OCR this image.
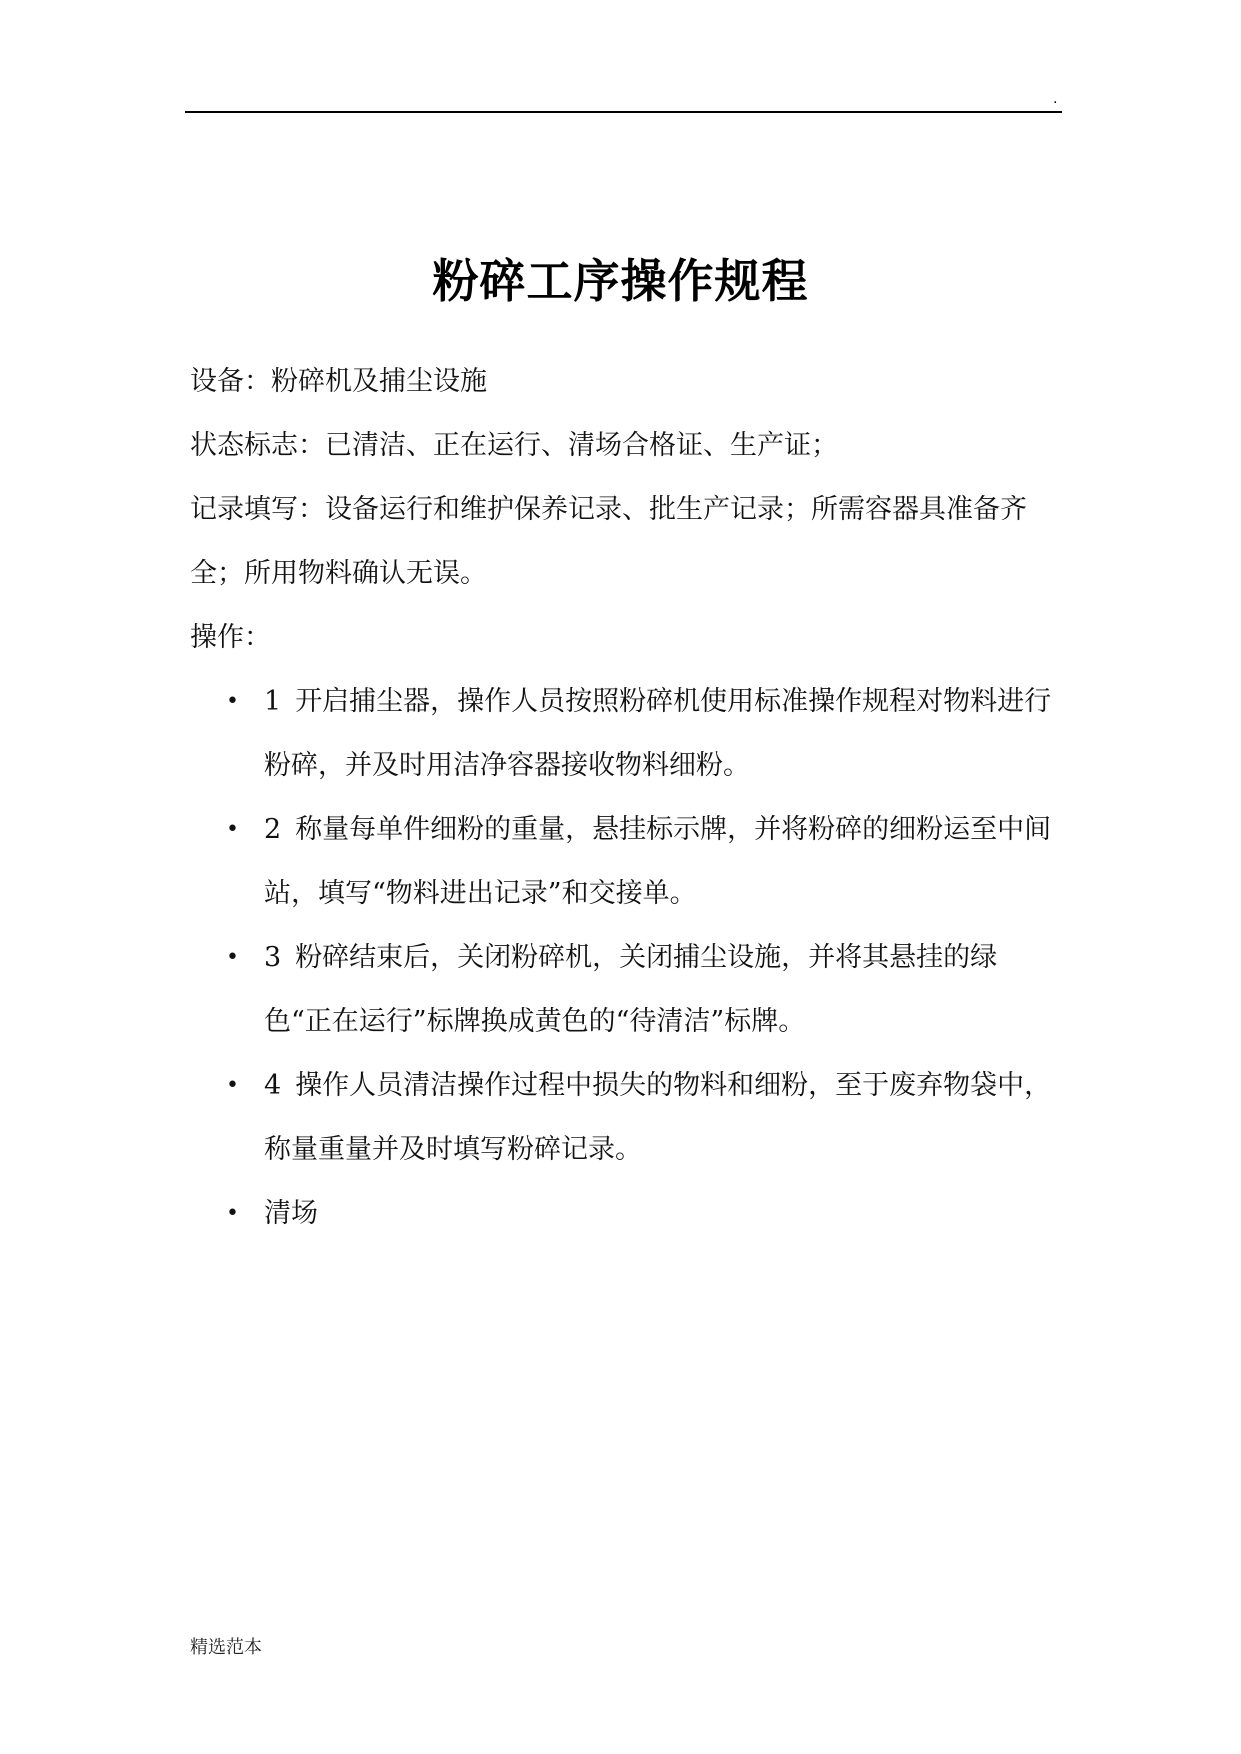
.
粉碎工序操作规程

设备：粉碎机及捕尘设施

状态标志：已清洁、正在运行、清场合格证、生产证；

记录填写：设备运行和维护保养记录、批生产记录；所需容器具准备齐全；所用物料确认无误。

操作：

• 1 开启捕尘器，操作人员按照粉碎机使用标准操作规程对物料进行粉碎，并及时用洁净容器接收物料细粉。
• 2 称量每单件细粉的重量，悬挂标示牌，并将粉碎的细粉运至中间站，填写“物料进出记录”和交接单。
• 3 粉碎结束后，关闭粉碎机，关闭捕尘设施，并将其悬挂的绿色“正在运行”标牌换成黄色的“待清洁”标牌。
• 4 操作人员清洁操作过程中损失的物料和细粉，至于废弃物袋中，称量重量并及时填写粉碎记录。
• 清场
精选范本
